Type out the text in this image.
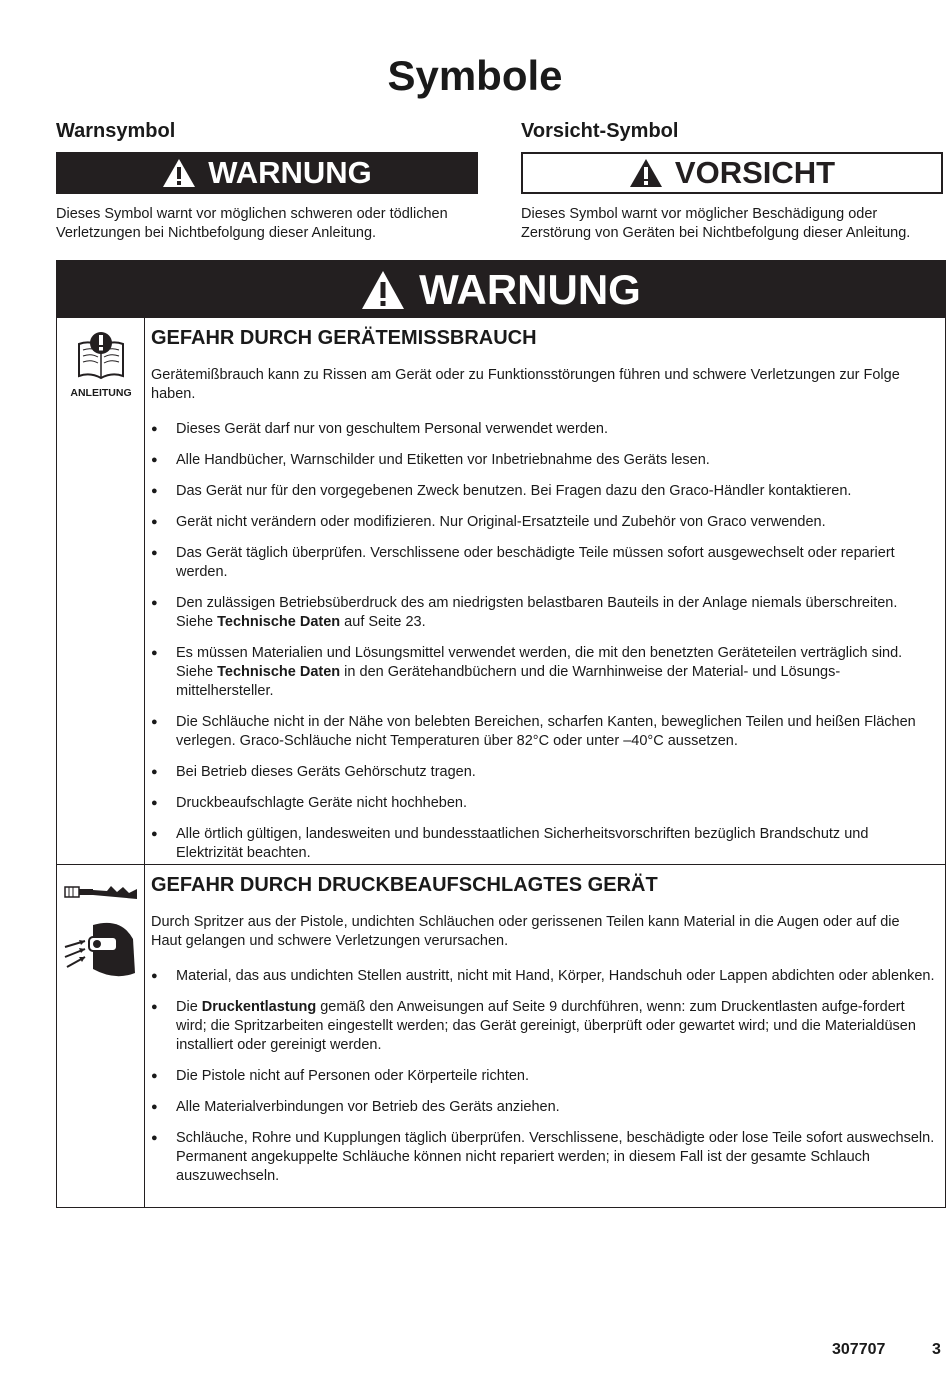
Symbole
Warnsymbol
WARNUNG
Dieses Symbol warnt vor möglichen schweren oder tödlichen
Verletzungen bei Nichtbefolgung dieser Anleitung.
Vorsicht-Symbol
VORSICHT
Dieses Symbol warnt vor möglicher Beschädigung oder
Zerstörung von Geräten bei Nichtbefolgung dieser Anleitung.
WARNUNG
ANLEITUNG
GEFAHR DURCH GERÄTEMISSBRAUCH
Gerätemißbrauch kann zu Rissen am Gerät oder zu Funktionsstörungen führen und schwere Verletzungen zur Folge haben.
● Dieses Gerät darf nur von geschultem Personal verwendet werden.
● Alle Handbücher, Warnschilder und Etiketten vor Inbetriebnahme des Geräts lesen.
● Das Gerät nur für den vorgegebenen Zweck benutzen. Bei Fragen dazu den Graco-Händler kontaktieren.
● Gerät nicht verändern oder modifizieren. Nur Original-Ersatzteile und Zubehör von Graco verwenden.
● Das Gerät täglich überprüfen. Verschlissene oder beschädigte Teile müssen sofort ausgewechselt oder repariert werden.
● Den zulässigen Betriebsüberdruck des am niedrigsten belastbaren Bauteils in der Anlage niemals überschreiten. Siehe Technische Daten auf Seite 23.
● Es müssen Materialien und Lösungsmittel verwendet werden, die mit den benetzten Geräteteilen verträglich sind. Siehe Technische Daten in den Gerätehandbüchern und die Warnhinweise der Material- und Lösungs-mittelhersteller.
● Die Schläuche nicht in der Nähe von belebten Bereichen, scharfen Kanten, beweglichen Teilen und heißen Flächen verlegen. Graco-Schläuche nicht Temperaturen über 82°C oder unter –40°C aussetzen.
● Bei Betrieb dieses Geräts Gehörschutz tragen.
● Druckbeaufschlagte Geräte nicht hochheben.
● Alle örtlich gültigen, landesweiten und bundesstaatlichen Sicherheitsvorschriften bezüglich Brandschutz und Elektrizität beachten.
GEFAHR DURCH DRUCKBEAUFSCHLAGTES GERÄT
Durch Spritzer aus der Pistole, undichten Schläuchen oder gerissenen Teilen kann Material in die Augen oder auf die Haut gelangen und schwere Verletzungen verursachen.
● Material, das aus undichten Stellen austritt, nicht mit Hand, Körper, Handschuh oder Lappen abdichten oder ablenken.
● Die Druckentlastung gemäß den Anweisungen auf Seite 9 durchführen, wenn: zum Druckentlasten aufge-fordert wird; die Spritzarbeiten eingestellt werden; das Gerät gereinigt, überprüft oder gewartet wird; und die Materialdüsen installiert oder gereinigt werden.
● Die Pistole nicht auf Personen oder Körperteile richten.
● Alle Materialverbindungen vor Betrieb des Geräts anziehen.
● Schläuche, Rohre und Kupplungen täglich überprüfen. Verschlissene, beschädigte oder lose Teile sofort auswechseln. Permanent angekuppelte Schläuche können nicht repariert werden; in diesem Fall ist der gesamte Schlauch auszuwechseln.
307707	3
